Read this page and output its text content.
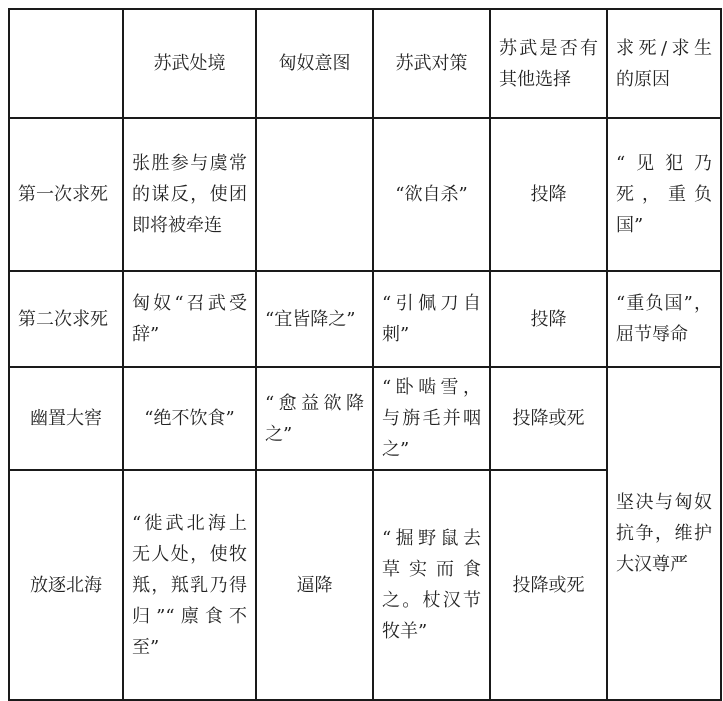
	苏武处境	匈奴意图	苏武对策	苏武是否有其他选择	求死/求生的原因
第一次求死	张胜参与虞常的谋反，使团即将被牵连		“欲自杀”	投降	“见犯乃死，重负国”
第二次求死	匈奴“召武受辞”	“宜皆降之”	“引佩刀自刺”	投降	“重负国”，屈节辱命
幽置大窖	“绝不饮食”	“愈益欲降之”	“卧啮雪，与旃毛并咽之”	投降或死	坚决与匈奴抗争，维护大汉尊严
放逐北海	“徙武北海上无人处，使牧羝，羝乳乃得归”“廪食不至”	逼降	“掘野鼠去草实而食之。杖汉节牧羊”	投降或死	
